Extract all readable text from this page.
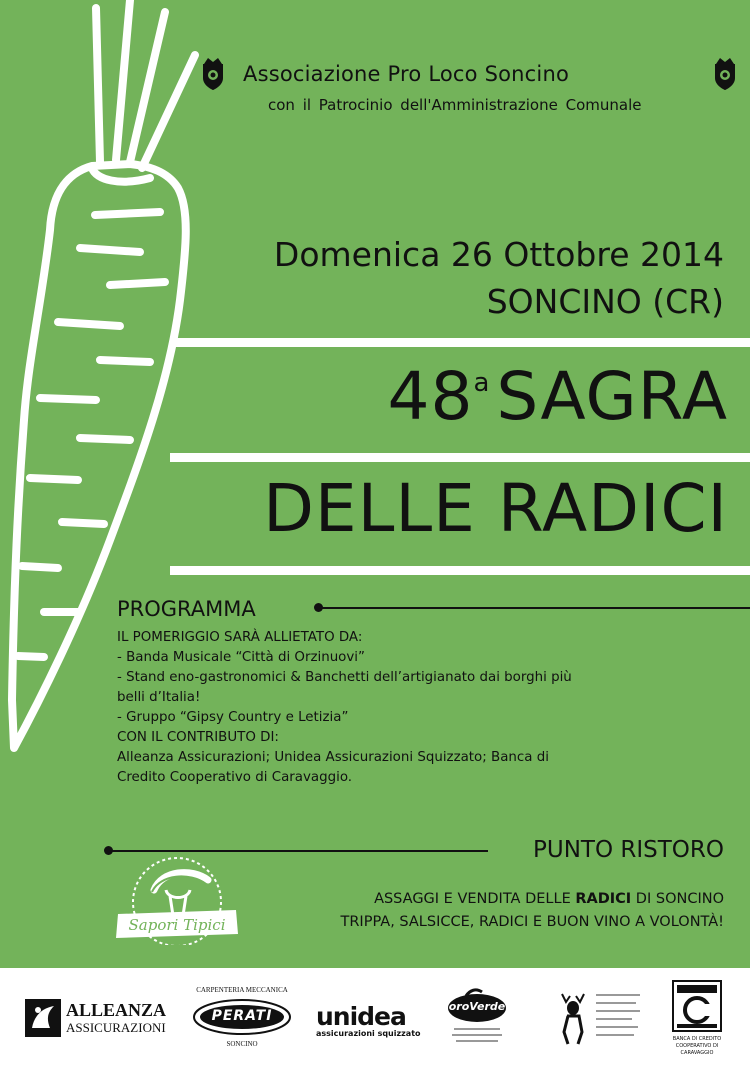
Associazione Pro Loco Soncino
con il Patrocinio dell'Amministrazione Comunale
Domenica 26 Ottobre 2014
SONCINO (CR)
48$^a$SAGRA
DELLE RADICI
PROGRAMMA
IL POMERIGGIO SARÀ ALLIETATO DA:
- Banda Musicale “Città di Orzinuovi”
- Stand eno-gastronomici & Banchetti dell’artigianato dai borghi più
belli d’Italia!
- Gruppo “Gipsy Country e Letizia”
CON IL CONTRIBUTO DI:
Alleanza Assicurazioni; Unidea Assicurazioni Squizzato; Banca di
Credito Cooperativo di Caravaggio.
PUNTO RISTORO
Sapori Tipici
ASSAGGI E VENDITA DELLE RADICI DI SONCINO
TRIPPA, SALSICCE, RADICI E BUON VINO A VOLONTÀ!
ALLEANZA
ASSICURAZIONI
CARPENTERIA MECCANICA
PERATI
SONCINO
unidea
assicurazioni squizzato
oroVerde
BANCA DI CREDITO COOPERATIVO DI CARAVAGGIO
